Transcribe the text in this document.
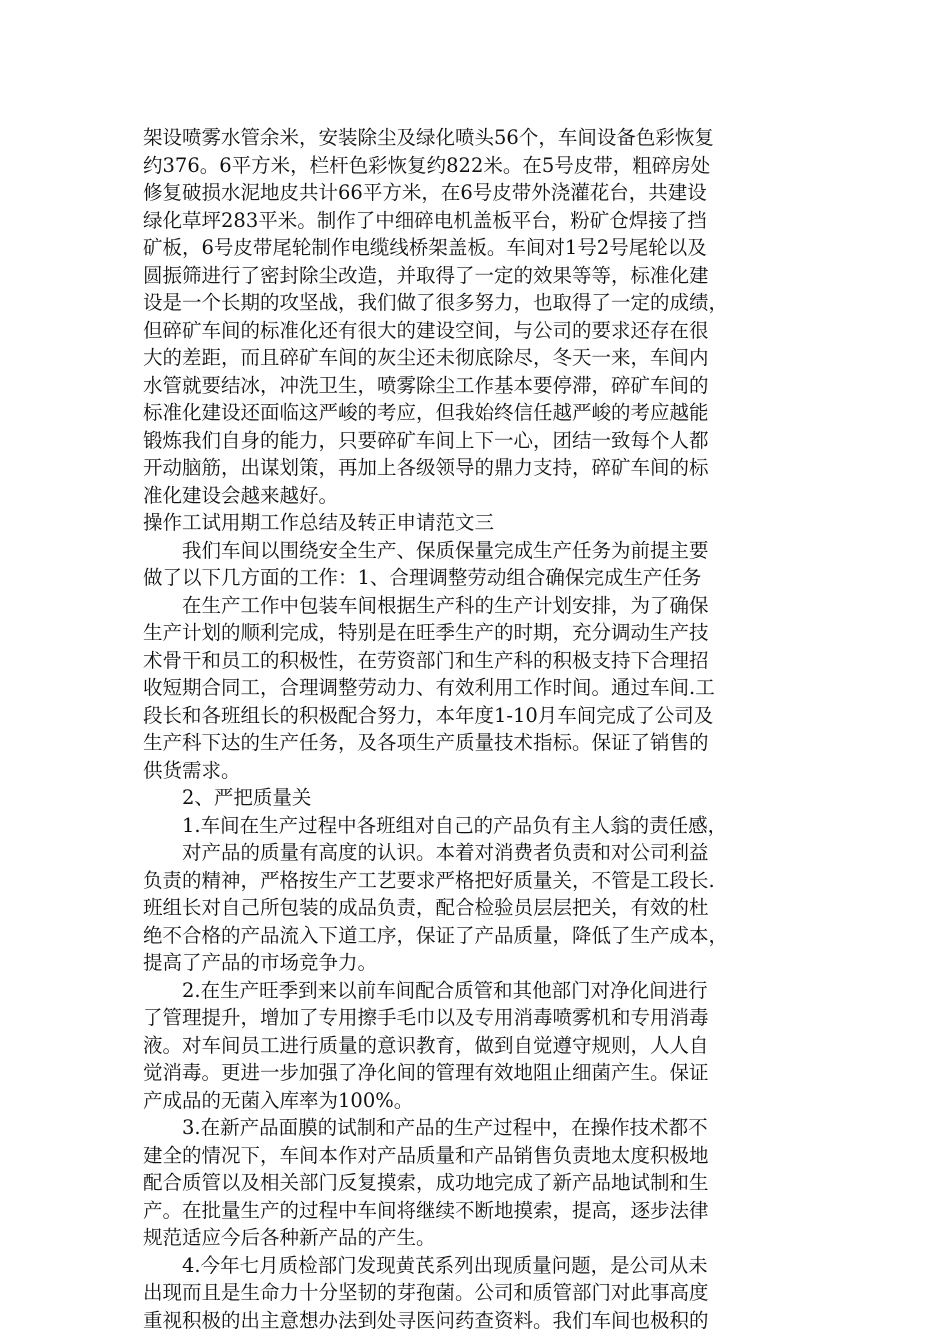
架设喷雾水管余米，安装除尘及绿化喷头56个，车间设备色彩恢复
约376。6平方米，栏杆色彩恢复约822米。在5号皮带，粗碎房处
修复破损水泥地皮共计66平方米，在6号皮带外浇灌花台，共建设
绿化草坪283平米。制作了中细碎电机盖板平台，粉矿仓焊接了挡
矿板，6号皮带尾轮制作电缆线桥架盖板。车间对1号2号尾轮以及
圆振筛进行了密封除尘改造，并取得了一定的效果等等，标准化建
设是一个长期的攻坚战，我们做了很多努力，也取得了一定的成绩，
但碎矿车间的标准化还有很大的建设空间，与公司的要求还存在很
大的差距，而且碎矿车间的灰尘还未彻底除尽，冬天一来，车间内
水管就要结冰，冲洗卫生，喷雾除尘工作基本要停滞，碎矿车间的
标准化建设还面临这严峻的考应，但我始终信任越严峻的考应越能
锻炼我们自身的能力，只要碎矿车间上下一心，团结一致每个人都
开动脑筋，出谋划策，再加上各级领导的鼎力支持，碎矿车间的标
准化建设会越来越好。
操作工试用期工作总结及转正申请范文三
我们车间以围绕安全生产、保质保量完成生产任务为前提主要
做了以下几方面的工作：1、合理调整劳动组合确保完成生产任务
在生产工作中包装车间根据生产科的生产计划安排，为了确保
生产计划的顺利完成，特别是在旺季生产的时期，充分调动生产技
术骨干和员工的积极性，在劳资部门和生产科的积极支持下合理招
收短期合同工，合理调整劳动力、有效利用工作时间。通过车间.工
段长和各班组长的积极配合努力，本年度1-10月车间完成了公司及
生产科下达的生产任务，及各项生产质量技术指标。保证了销售的
供货需求。
2、严把质量关
1.车间在生产过程中各班组对自己的产品负有主人翁的责任感，
对产品的质量有高度的认识。本着对消费者负责和对公司利益
负责的精神，严格按生产工艺要求严格把好质量关，不管是工段长.
班组长对自己所包装的成品负责，配合检验员层层把关，有效的杜
绝不合格的产品流入下道工序，保证了产品质量，降低了生产成本，
提高了产品的市场竞争力。
2.在生产旺季到来以前车间配合质管和其他部门对净化间进行
了管理提升，增加了专用擦手毛巾以及专用消毒喷雾机和专用消毒
液。对车间员工进行质量的意识教育，做到自觉遵守规则，人人自
觉消毒。更进一步加强了净化间的管理有效地阻止细菌产生。保证
产成品的无菌入库率为100%。
3.在新产品面膜的试制和产品的生产过程中，在操作技术都不
建全的情况下，车间本作对产品质量和产品销售负责地太度积极地
配合质管以及相关部门反复摸索，成功地完成了新产品地试制和生
产。在批量生产的过程中车间将继续不断地摸索，提高，逐步法律
规范适应今后各种新产品的产生。
4.今年七月质检部门发现黄芪系列出现质量问题，是公司从未
出现而且是生命力十分坚韧的芽孢菌。公司和质管部门对此事高度
重视积极的出主意想办法到处寻医问药查资料。我们车间也极积的
